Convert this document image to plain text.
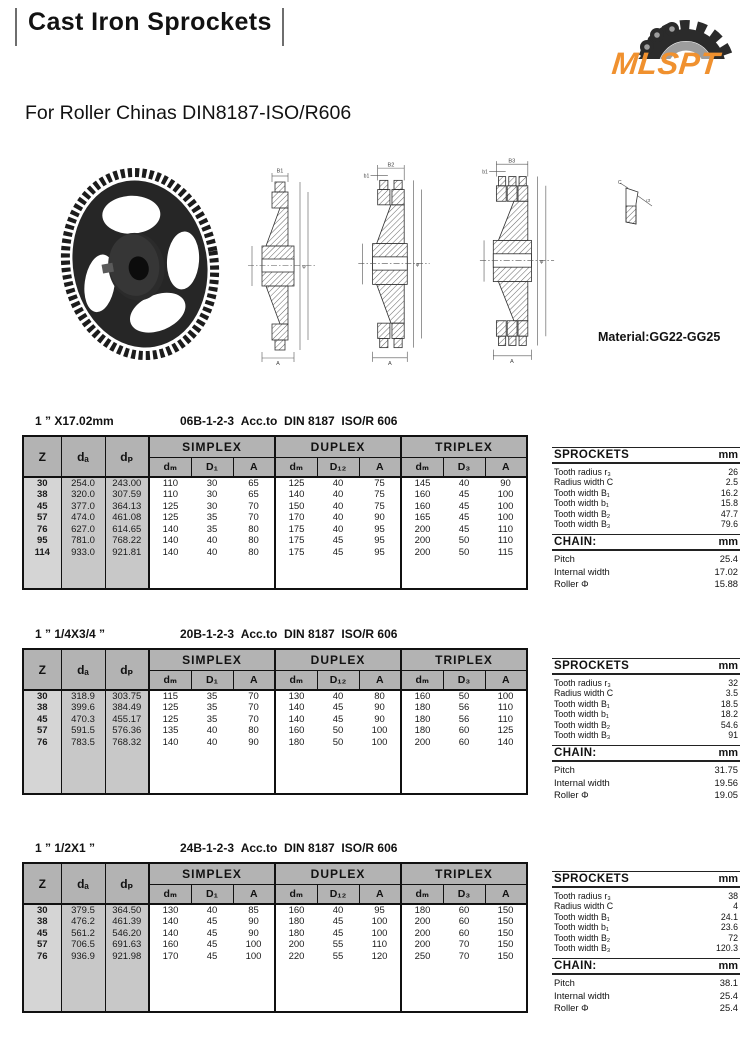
Cast Iron Sprockets
MLSPT
For Roller Chinas DIN8187-ISO/R606
B1
φ
A
B2
b1
φ
A
B3
b1
φ
A
C
r3
Material:GG22-GG25
1 ” X17.02mm	06B-1-2-3  Acc.to  DIN 8187  ISO/R 606
Z	dₐ	dₚ	SIMPLEX			DUPLEX			TRIPLEX		
			dₘ	D₁	A	dₘ	D₁₂	A	dₘ	D₃	A
30	254.0	243.00	110	30	65	125	40	75	145	40	90
38	320.0	307.59	110	30	65	140	40	75	160	45	100
45	377.0	364.13	125	30	70	150	40	75	160	45	100
57	474.0	461.08	125	35	70	170	40	90	165	45	100
76	627.0	614.65	140	35	80	175	40	95	200	45	110
95	781.0	768.22	140	40	80	175	45	95	200	50	110
114	933.0	921.81	140	40	80	175	45	95	200	50	115

SPROCKETS	mm
Tooth radius r₃	26
Radius width C	2.5
Tooth width B₁	16.2
Tooth width b₁	15.8
Tooth width B₂	47.7
Tooth width B₃	79.6
CHAIN:	mm
Pitch	25.4
Internal width	17.02
Roller Φ	15.88
1 ” 1/4X3/4 ”	20B-1-2-3  Acc.to  DIN 8187  ISO/R 606
Z	dₐ	dₚ	SIMPLEX			DUPLEX			TRIPLEX		
			dₘ	D₁	A	dₘ	D₁₂	A	dₘ	D₃	A
30	318.9	303.75	115	35	70	130	40	80	160	50	100
38	399.6	384.49	125	35	70	140	45	90	180	56	110
45	470.3	455.17	125	35	70	140	45	90	180	56	110
57	591.5	576.36	135	40	80	160	50	100	180	60	125
76	783.5	768.32	140	40	90	180	50	100	200	60	140

SPROCKETS	mm
Tooth radius r₃	32
Radius width C	3.5
Tooth width B₁	18.5
Tooth width b₁	18.2
Tooth width B₂	54.6
Tooth width B₃	91
CHAIN:	mm
Pitch	31.75
Internal width	19.56
Roller Φ	19.05
1 ” 1/2X1 ”	24B-1-2-3  Acc.to  DIN 8187  ISO/R 606
Z	dₐ	dₚ	SIMPLEX			DUPLEX			TRIPLEX		
			dₘ	D₁	A	dₘ	D₁₂	A	dₘ	D₃	A
30	379.5	364.50	130	40	85	160	40	95	180	60	150
38	476.2	461.39	140	45	90	180	45	100	200	60	150
45	561.2	546.20	140	45	90	180	45	100	200	60	150
57	706.5	691.63	160	45	100	200	55	110	200	70	150
76	936.9	921.98	170	45	100	220	55	120	250	70	150

SPROCKETS	mm
Tooth radius r₃	38
Radius width C	4
Tooth width B₁	24.1
Tooth width b₁	23.6
Tooth width B₂	72
Tooth width B₃	120.3
CHAIN:	mm
Pitch	38.1
Internal width	25.4
Roller Φ	25.4
